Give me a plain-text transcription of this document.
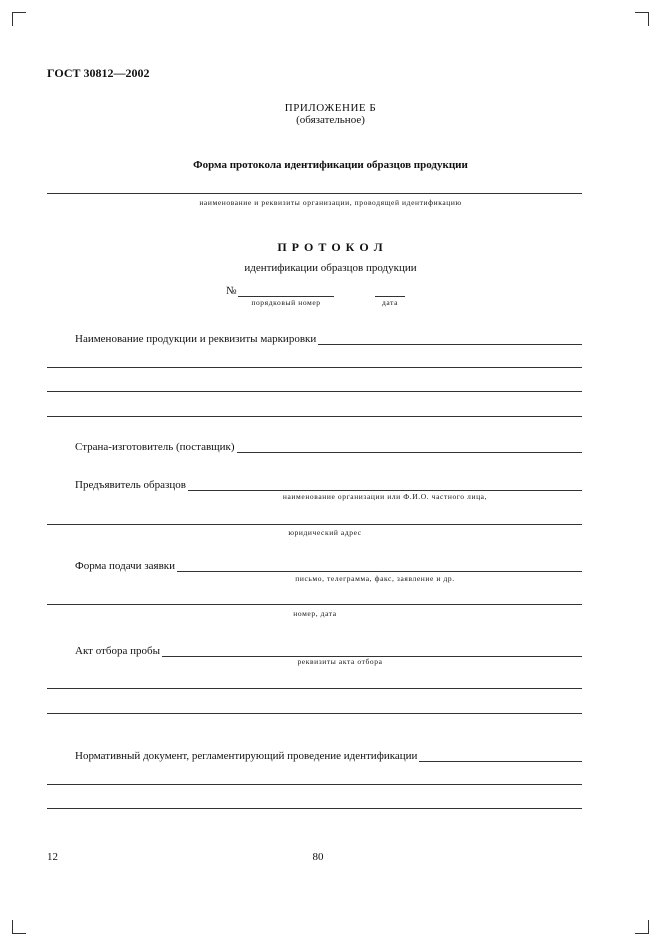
ГОСТ 30812—2002
ПРИЛОЖЕНИЕ Б
(обязательное)
Форма протокола идентификации образцов продукции
наименование и реквизиты организации, проводящей идентификацию
П Р О Т О К О Л
идентификации образцов продукции
№
порядковый номер	дата
Наименование продукции и реквизиты маркировки
Страна-изготовитель (поставщик)
Предъявитель образцов
наименование организации или Ф.И.О. частного лица,
юридический адрес
Форма подачи заявки
письмо, телеграмма, факс, заявление и др.
номер, дата
Акт отбора пробы
реквизиты акта отбора
Нормативный документ, регламентирующий проведение идентификации
12	80
